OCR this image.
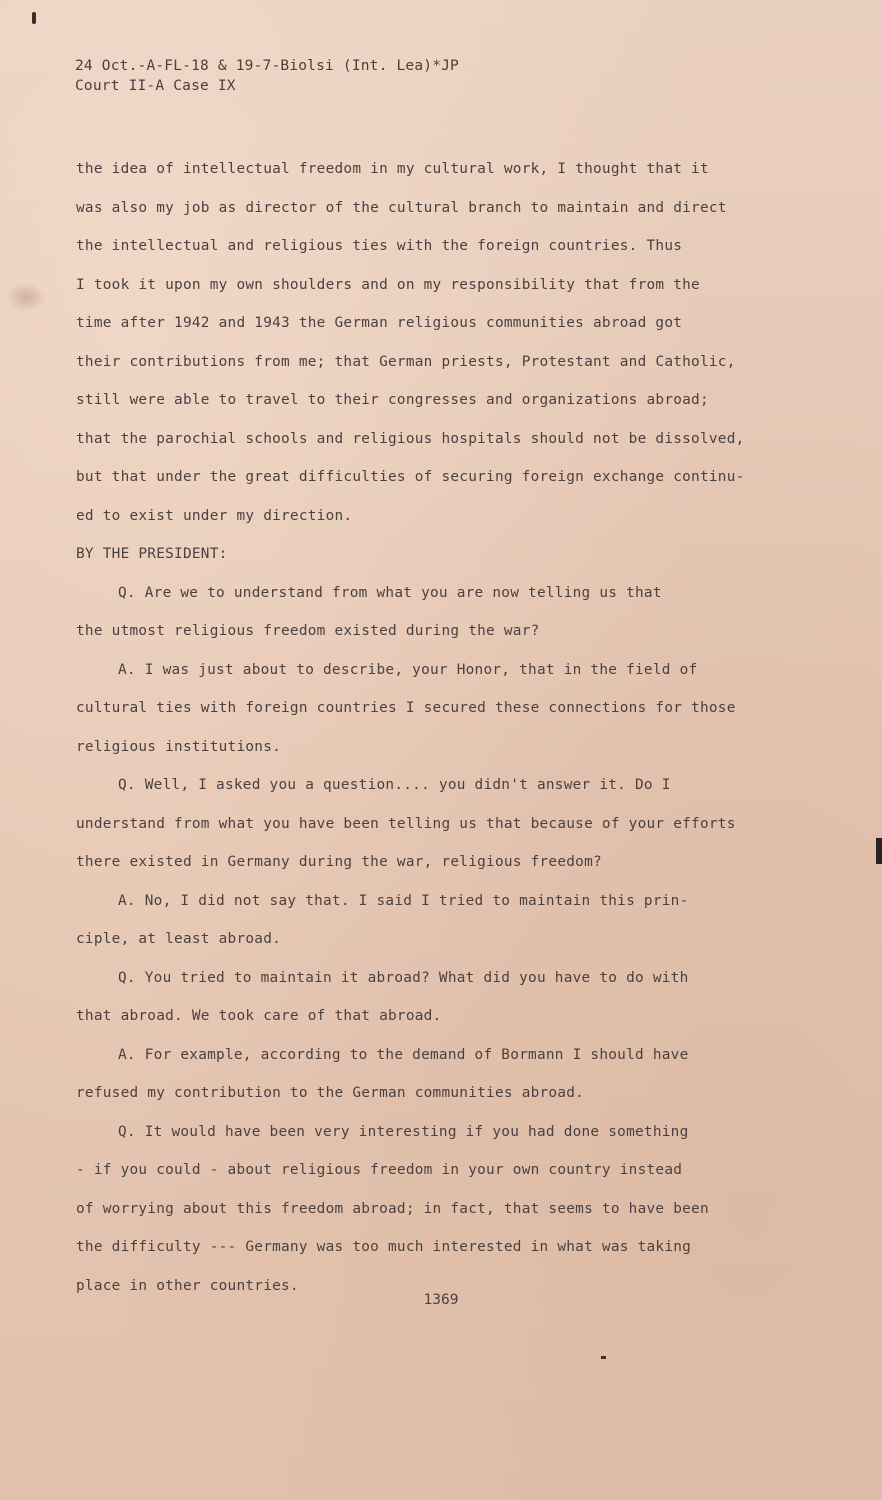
24 Oct.-A-FL-18 & 19-7-Biolsi (Int. Lea)*JP
Court II-A Case IX
the idea of intellectual freedom in my cultural work, I thought that it
was also my job as director of the cultural branch to maintain and direct
the intellectual and religious ties with the foreign countries. Thus
I took it upon my own shoulders and on my responsibility that from the
time after 1942 and 1943 the German religious communities abroad got
their contributions from me; that German priests, Protestant and Catholic,
still were able to travel to their congresses and organizations abroad;
that the parochial schools and religious hospitals should not be dissolved,
but that under the great difficulties of securing foreign exchange continu-
ed to exist under my direction.
BY THE PRESIDENT:
Q. Are we to understand from what you are now telling us that
the utmost religious freedom existed during the war?
A. I was just about to describe, your Honor, that in the field of
cultural ties with foreign countries I secured these connections for those
religious institutions.
Q. Well, I asked you a question.... you didn't answer it. Do I
understand from what you have been telling us that because of your efforts
there existed in Germany during the war, religious freedom?
A. No, I did not say that. I said I tried to maintain this prin-
ciple, at least abroad.
Q. You tried to maintain it abroad? What did you have to do with
that abroad. We took care of that abroad.
A. For example, according to the demand of Bormann I should have
refused my contribution to the German communities abroad.
Q. It would have been very interesting if you had done something
- if you could - about religious freedom in your own country instead
of worrying about this freedom abroad; in fact, that seems to have been
the difficulty --- Germany was too much interested in what was taking
place in other countries.
1369
